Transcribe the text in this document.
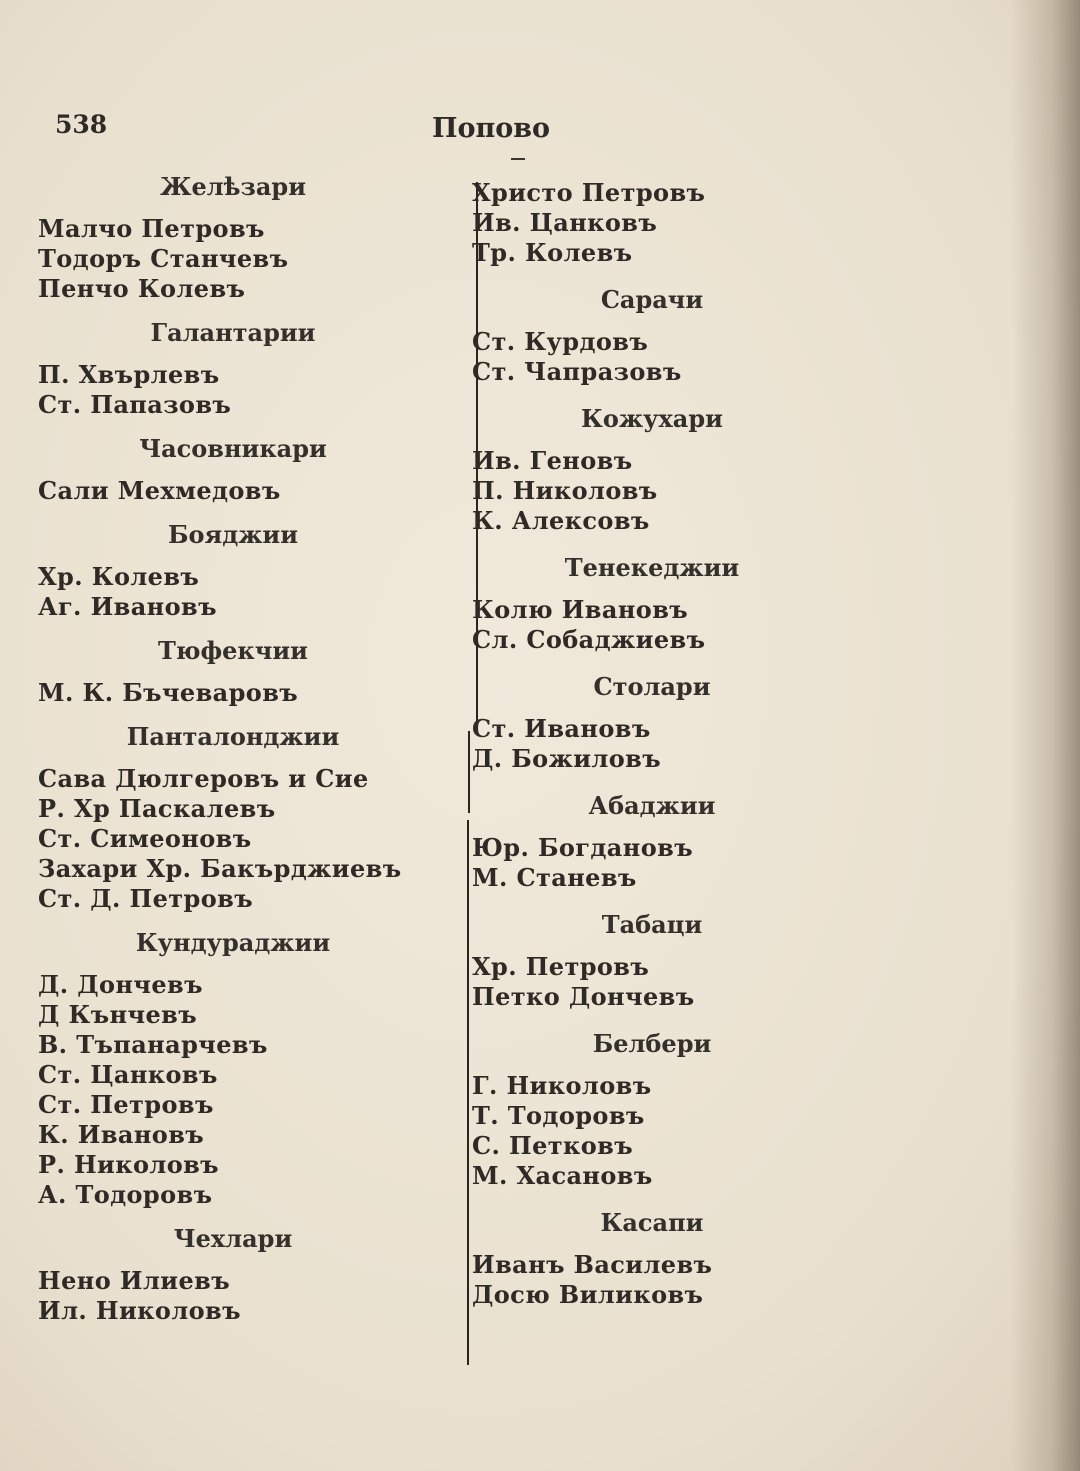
538	Попово
Желѣзари
Малчо Петровъ
Тодоръ Станчевъ
Пенчо Колевъ
Галантарии
П. Хвърлевъ
Ст. Папазовъ
Часовникари
Сали Мехмедовъ
Бояджии
Хр. Колевъ
Аг. Ивановъ
Тюфекчии
М. К. Бъчеваровъ
Панталонджии
Сава Дюлгеровъ и Сие
Р. Хр Паскалевъ
Ст. Симеоновъ
Захари Хр. Бакърджиевъ
Ст. Д. Петровъ
Кундураджии
Д. Дончевъ
Д Кънчевъ
В. Тъпанарчевъ
Ст. Цанковъ
Ст. Петровъ
К. Ивановъ
Р. Николовъ
А. Тодоровъ
Чехлари
Нено Илиевъ
Ил. Николовъ
Христо Петровъ
Ив. Цанковъ
Тр. Колевъ
Сарачи
Ст. Курдовъ
Ст. Чапразовъ
Кожухари
Ив. Геновъ
П. Николовъ
К. Алексовъ
Тенекеджии
Колю Ивановъ
Сл. Собаджиевъ
Столари
Ст. Ивановъ
Д. Божиловъ
Абаджии
Юр. Богдановъ
М. Станевъ
Табаци
Хр. Петровъ
Петко Дончевъ
Белбери
Г. Николовъ
Т. Тодоровъ
С. Петковъ
М. Хасановъ
Касапи
Иванъ Василевъ
Досю Виликовъ
